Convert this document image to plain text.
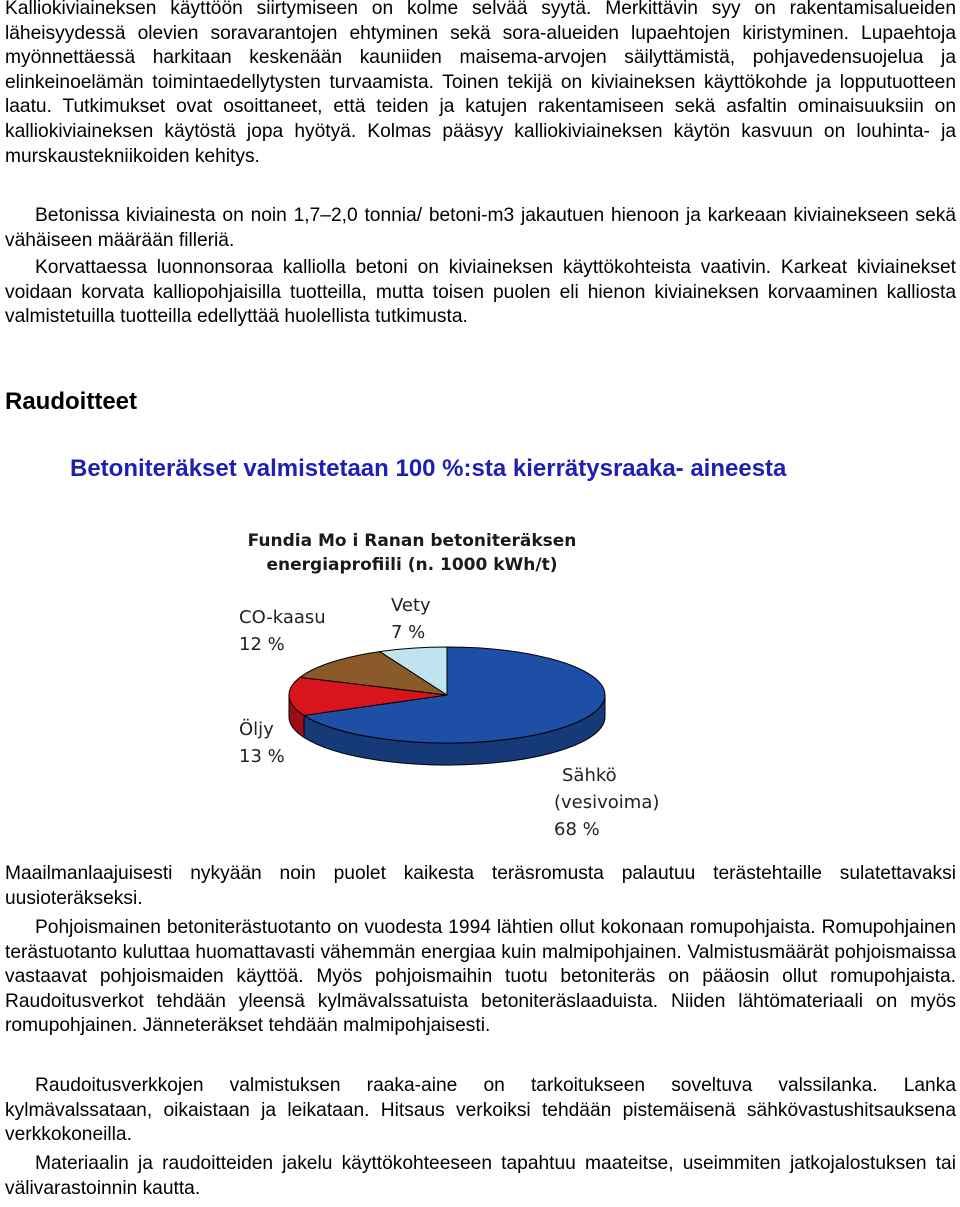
Kalliokiviaineksen käyttöön siirtymiseen on kolme selvää syytä. Merkittävin syy on rakentamisalueiden läheisyydessä olevien soravarantojen ehtyminen sekä sora-alueiden lupaehtojen kiristyminen. Lupaehtoja myönnettäessä harkitaan keskenään kauniiden maisema-arvojen säilyttämistä, pohjavedensuojelua ja elinkeinoelämän toimintaedellytysten turvaamista. Toinen tekijä on kiviaineksen käyttökohde ja lopputuotteen laatu. Tutkimukset ovat osoittaneet, että teiden ja katujen rakentamiseen sekä asfaltin ominaisuuksiin on kalliokiviaineksen käytöstä jopa hyötyä. Kolmas pääsyy kalliokiviaineksen käytön kasvuun on louhinta- ja murskaustekniikoiden kehitys.

Betonissa kiviainesta on noin 1,7–2,0 tonnia/ betoni-m3 jakautuen hienoon ja karkeaan kiviainekseen sekä vähäiseen määrään filleriä.

Korvattaessa luonnonsoraa kalliolla betoni on kiviaineksen käyttökohteista vaativin. Karkeat kiviainekset voidaan korvata kalliopohjaisilla tuotteilla, mutta toisen puolen eli hienon kiviaineksen korvaaminen kalliosta valmistetuilla tuotteilla edellyttää huolellista tutkimusta.

Raudoitteet
Betoniteräkset valmistetaan 100 %:sta kierrätysraaka- aineesta
Fundia Mo i Ranan betoniteräksen
energiaprofiili (n. 1000 kWh/t)
Sähkö
(vesivoima)
68 %
Öljy
13 %
CO-kaasu
12 %
Vety
7 %

Maailmanlaajuisesti nykyään noin puolet kaikesta teräsromusta palautuu terästehtaille sulatettavaksi uusioteräkseksi.

Pohjoismainen betoniterästuotanto on vuodesta 1994 lähtien ollut kokonaan romupohjaista. Romupohjainen terästuotanto kuluttaa huomattavasti vähemmän energiaa kuin malmipohjainen. Valmistusmäärät pohjoismaissa vastaavat pohjoismaiden käyttöä. Myös pohjoismaihin tuotu betoniteräs on pääosin ollut romupohjaista. Raudoitusverkot tehdään yleensä kylmävalssatuista betoniteräslaaduista. Niiden lähtömateriaali on myös romupohjainen. Jänneteräkset tehdään malmipohjaisesti.

Raudoitusverkkojen valmistuksen raaka-aine on tarkoitukseen soveltuva valssilanka. Lanka kylmävalssataan, oikaistaan ja leikataan. Hitsaus verkoiksi tehdään pistemäisenä sähkövastushitsauksena verkkokoneilla.

Materiaalin ja raudoitteiden jakelu käyttökohteeseen tapahtuu maateitse, useimmiten jatkojalostuksen tai välivarastoinnin kautta.
